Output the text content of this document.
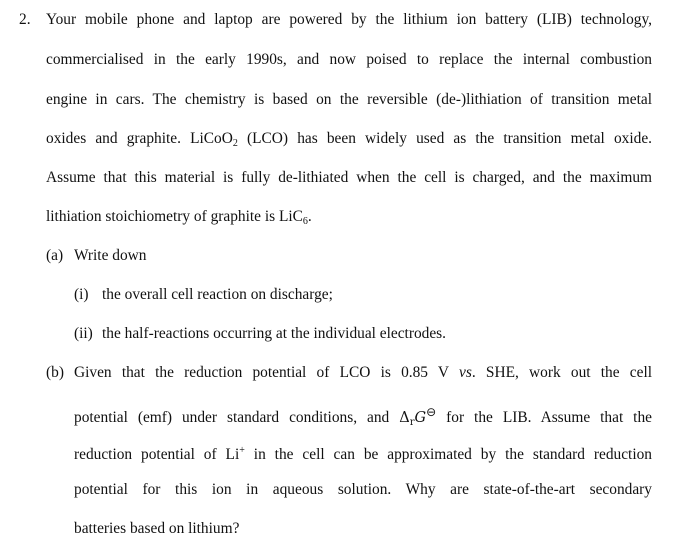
2. Your mobile phone and laptop are powered by the lithium ion battery (LIB) technology,
commercialised in the early 1990s, and now poised to replace the internal combustion
engine in cars. The chemistry is based on the reversible (de-)lithiation of transition metal
oxides and graphite. LiCoO$_2$ (LCO) has been widely used as the transition metal oxide.
Assume that this material is fully de-lithiated when the cell is charged, and the maximum
lithiation stoichiometry of graphite is LiC$_6$.
(a) Write down
(i) the overall cell reaction on discharge;
(ii) the half-reactions occurring at the individual electrodes.
(b) Given that the reduction potential of LCO is 0.85 V vs. SHE, work out the cell
potential (emf) under standard conditions, and $\Delta_rG^⊖$ for the LIB. Assume that the
reduction potential of Li+ in the cell can be approximated by the standard reduction
potential for this ion in aqueous solution. Why are state-of-the-art secondary
batteries based on lithium?
